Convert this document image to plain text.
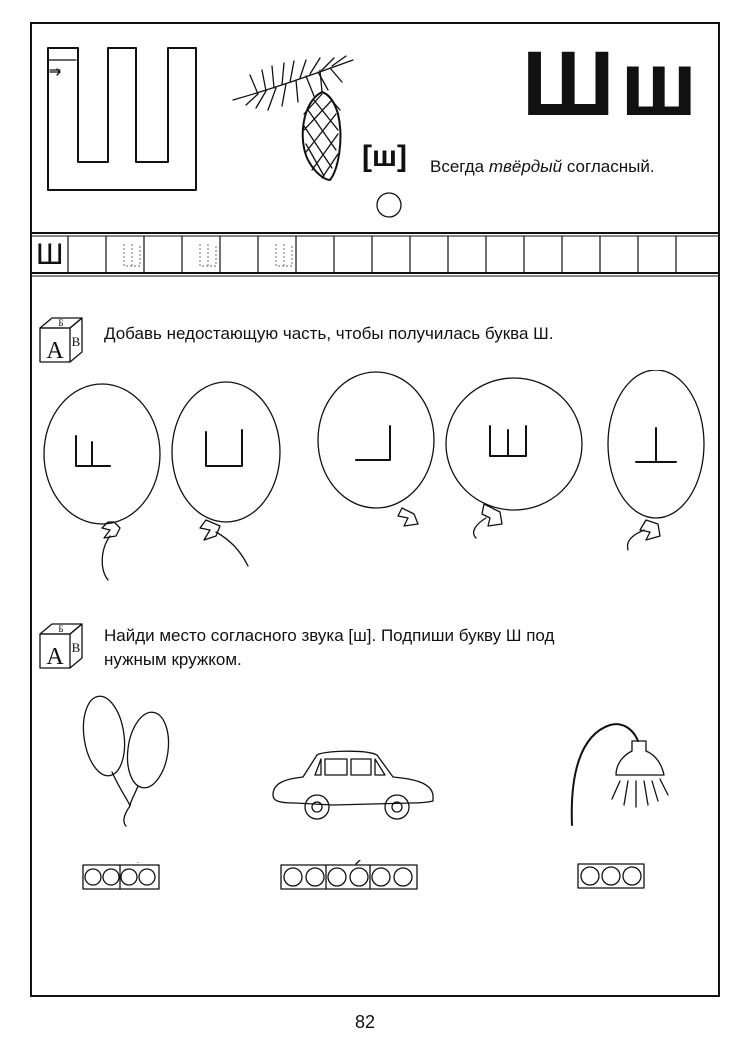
Шш
[ш] Всегда твёрдый согласный.
Ш
А
Б
В Добавь недостающую часть, чтобы получилась буква Ш.
А
Б
В
Найди место согласного звука [ш]. Подпиши букву Ш под
нужным кружком.
82
